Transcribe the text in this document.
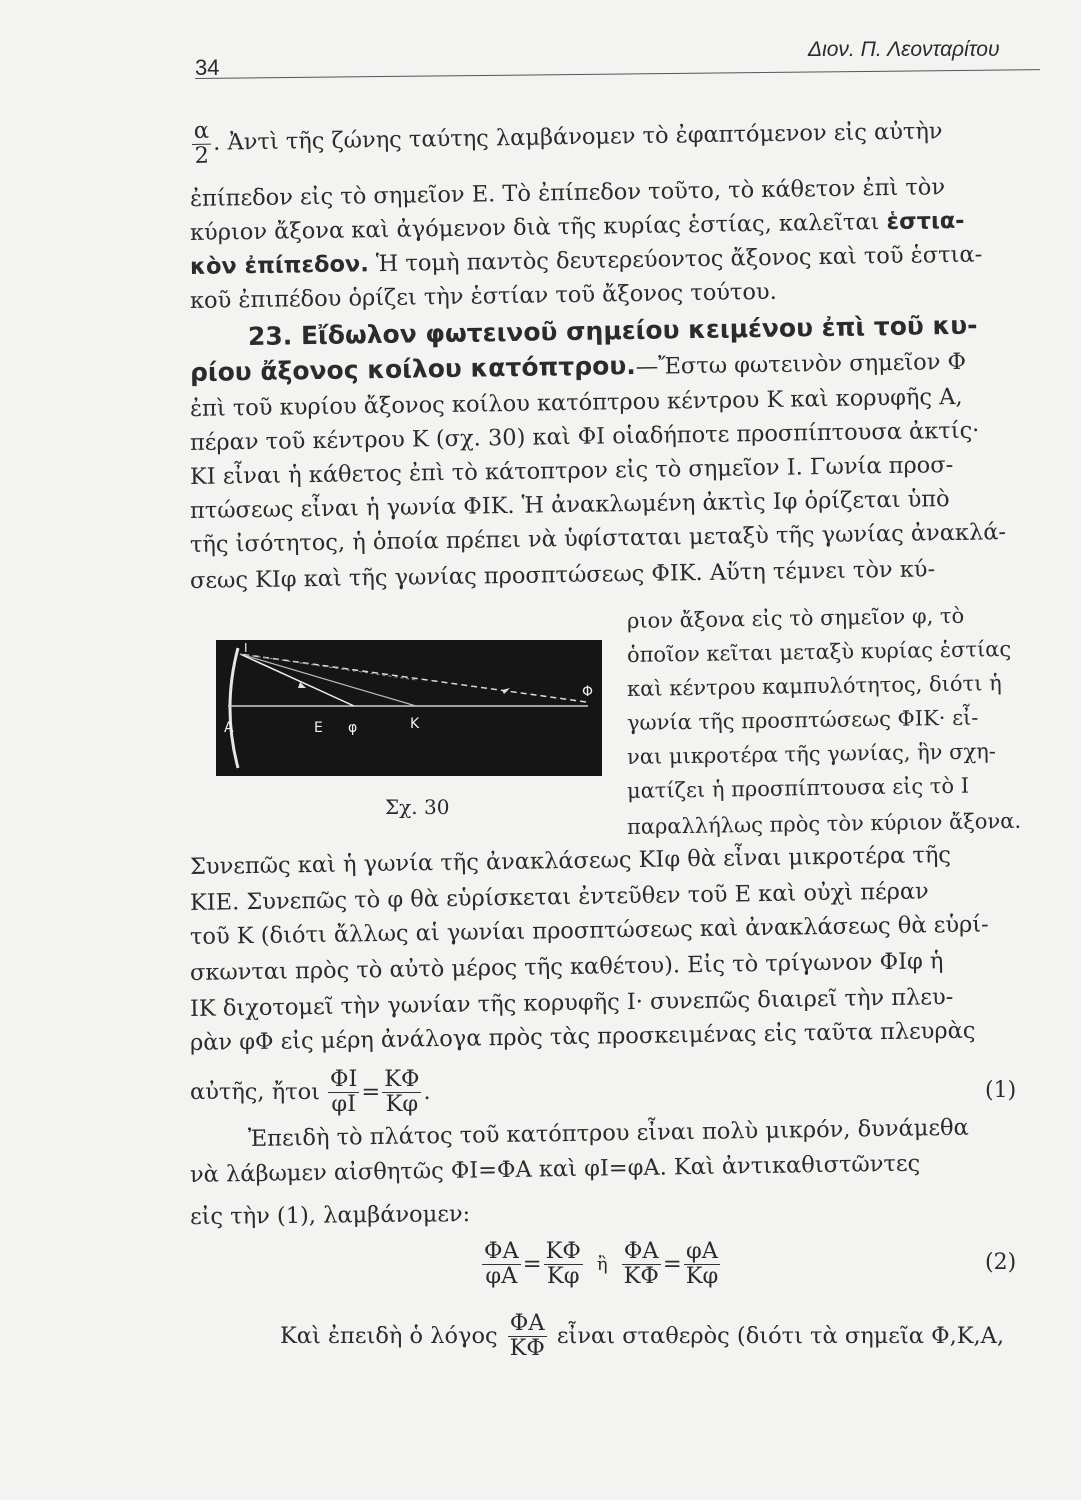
34
Διον. Π. Λεονταρίτου
$\frac{\alpha}{2}$ . Ἀντὶ τῆς ζώνης ταύτης λαμβάνομεν τὸ ἐφαπτόμενον εἰς αὐτὴν
ἐπίπεδον εἰς τὸ σημεῖον Ε. Τὸ ἐπίπεδον τοῦτο, τὸ κάθετον ἐπὶ τὸν
κύριον ἄξονα καὶ ἀγόμενον διὰ τῆς κυρίας ἑστίας, καλεῖται ἑστια-
κὸν ἐπίπεδον. Ἡ τομὴ παντὸς δευτερεύοντος ἄξονος καὶ τοῦ ἑστια-
κοῦ ἐπιπέδου ὁρίζει τὴν ἑστίαν τοῦ ἄξονος τούτου.
23. Εἴδωλον φωτεινοῦ σημείου κειμένου ἐπὶ τοῦ κυ-
ρίου ἄξονος κοίλου κατόπτρου.—Ἔστω φωτεινὸν σημεῖον Φ
ἐπὶ τοῦ κυρίου ἄξονος κοίλου κατόπτρου κέντρου Κ καὶ κορυφῆς Α,
πέραν τοῦ κέντρου Κ (σχ. 30) καὶ ΦΙ οἱαδήποτε προσπίπτουσα ἀκτίς·
ΚΙ εἶναι ἡ κάθετος ἐπὶ τὸ κάτοπτρον εἰς τὸ σημεῖον Ι. Γωνία προσ-
πτώσεως εἶναι ἡ γωνία ΦΙΚ. Ἡ ἀνακλωμένη ἀκτὶς Ιφ ὁρίζεται ὑπὸ
τῆς ἰσότητος, ἡ ὁποία πρέπει νὰ ὑφίσταται μεταξὺ τῆς γωνίας ἀνακλά-
σεως ΚΙφ καὶ τῆς γωνίας προσπτώσεως ΦΙΚ. Αὕτη τέμνει τὸν κύ-
Α
Ι
Ε φ	Κ
Φ
Σχ. 30
ριον ἄξονα εἰς τὸ σημεῖον φ, τὸ
ὁποῖον κεῖται μεταξὺ κυρίας ἑστίας
καὶ κέντρου καμπυλότητος, διότι ἡ
γωνία τῆς προσπτώσεως ΦΙΚ· εἶ-
ναι μικροτέρα τῆς γωνίας, ἣν σχη-
ματίζει ἡ προσπίπτουσα εἰς τὸ Ι
παραλλήλως πρὸς τὸν κύριον ἄξονα.
Συνεπῶς καὶ ἡ γωνία τῆς ἀνακλάσεως ΚΙφ θὰ εἶναι μικροτέρα τῆς
ΚΙΕ. Συνεπῶς τὸ φ θὰ εὑρίσκεται ἐντεῦθεν τοῦ Ε καὶ οὐχὶ πέραν
τοῦ Κ (διότι ἄλλως αἱ γωνίαι προσπτώσεως καὶ ἀνακλάσεως θὰ εὑρί-
σκωνται πρὸς τὸ αὐτὸ μέρος τῆς καθέτου). Εἰς τὸ τρίγωνον ΦΙφ ἡ
ΙΚ διχοτομεῖ τὴν γωνίαν τῆς κορυφῆς Ι· συνεπῶς διαιρεῖ τὴν πλευ-
ρὰν φΦ εἰς μέρη ἀνάλογα πρὸς τὰς προσκειμένας εἰς ταῦτα πλευρὰς
αὐτῆς, ἤτοι $\frac{\Phi I}{\varphi I} = \frac{K\Phi}{K\varphi}$ .	(1)
Ἐπειδὴ τὸ πλάτος τοῦ κατόπτρου εἶναι πολὺ μικρόν, δυνάμεθα
νὰ λάβωμεν αἰσθητῶς ΦΙ=ΦΑ καὶ φΙ=φΑ. Καὶ ἀντικαθιστῶντες
εἰς τὴν (1), λαμβάνομεν:
$\frac{\Phi A}{\varphi A} = \frac{K\Phi}{K\varphi}$ ἢ $\frac{\Phi A}{K\Phi} = \frac{\varphi A}{K\varphi}$	(2)
Καὶ ἐπειδὴ ὁ λόγος $\frac{\Phi A}{K\Phi}$ εἶναι σταθερὸς (διότι τὰ σημεῖα Φ,Κ,Α,
